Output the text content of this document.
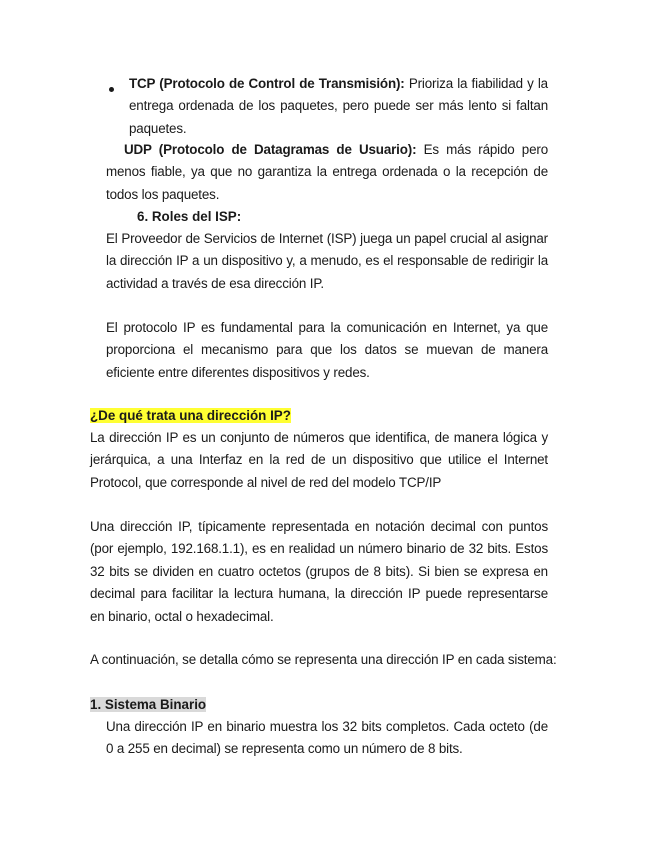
TCP (Protocolo de Control de Transmisión): Prioriza la fiabilidad y la entrega ordenada de los paquetes, pero puede ser más lento si faltan paquetes.

UDP (Protocolo de Datagramas de Usuario): Es más rápido pero menos fiable, ya que no garantiza la entrega ordenada o la recepción de todos los paquetes.

6. Roles del ISP:

El Proveedor de Servicios de Internet (ISP) juega un papel crucial al asignar la dirección IP a un dispositivo y, a menudo, es el responsable de redirigir la actividad a través de esa dirección IP.

El protocolo IP es fundamental para la comunicación en Internet, ya que proporciona el mecanismo para que los datos se muevan de manera eficiente entre diferentes dispositivos y redes.

¿De qué trata una dirección IP?

La dirección IP es un conjunto de números que identifica, de manera lógica y jerárquica, a una Interfaz en la red de un dispositivo que utilice el Internet Protocol, que corresponde al nivel de red del modelo TCP/IP

Una dirección IP, típicamente representada en notación decimal con puntos (por ejemplo, 192.168.1.1), es en realidad un número binario de 32 bits. Estos 32 bits se dividen en cuatro octetos (grupos de 8 bits). Si bien se expresa en decimal para facilitar la lectura humana, la dirección IP puede representarse en binario, octal o hexadecimal.

A continuación, se detalla cómo se representa una dirección IP en cada sistema:

1. Sistema Binario

Una dirección IP en binario muestra los 32 bits completos. Cada octeto (de 0 a 255 en decimal) se representa como un número de 8 bits.
